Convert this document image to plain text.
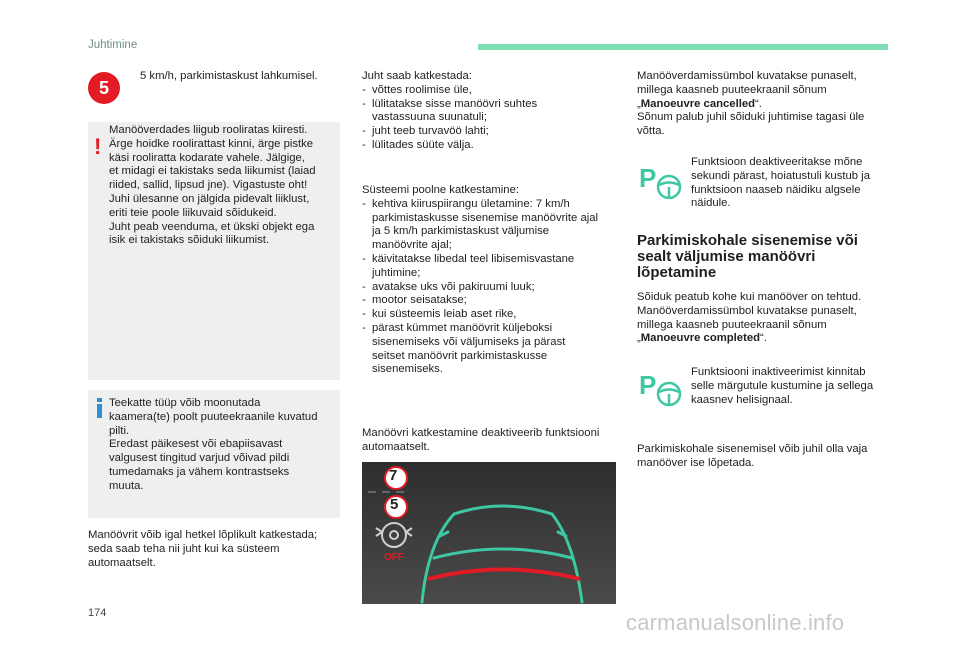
Juhtimine
5
5 km/h, parkimistaskust lahkumisel.
!
Manööverdades liigub rooliratas kiiresti.
Ärge hoidke roolirattast kinni, ärge pistke
käsi rooliratta kodarate vahele. Jälgige,
et midagi ei takistaks seda liikumist (laiad
riided, sallid, lipsud jne). Vigastuste oht!
Juhi ülesanne on jälgida pidevalt liiklust,
eriti teie poole liikuvaid sõidukeid.
Juht peab veenduma, et ükski objekt ega
isik ei takistaks sõiduki liikumist.
Teekatte tüüp võib moonutada
kaamera(te) poolt puuteekraanile kuvatud
pilti.
Eredast päikesest või ebapiisavast
valgusest tingitud varjud võivad pildi
tumedamaks ja vähem kontrastseks
muuta.
Manöövrit võib igal hetkel lõplikult katkestada;
seda saab teha nii juht kui ka süsteem
automaatselt.
Juht saab katkestada:
- võttes roolimise üle,
- lülitatakse sisse manöövri suhtes vastassuuna suunatuli;
- juht teeb turvavöö lahti;
- lülitades süüte välja.
Süsteemi poolne katkestamine:
- kehtiva kiiruspiirangu ületamine: 7 km/h parkimistaskusse sisenemise manöövrite ajal ja 5 km/h parkimistaskust väljumise manöövrite ajal;
- käivitatakse libedal teel libisemisvastane juhtimine;
- avatakse uks või pakiruumi luuk;
- mootor seisatakse;
- kui süsteemis leiab aset rike,
- pärast kümmet manöövrit küljeboksi sisenemiseks või väljumiseks ja pärast seitset manöövrit parkimistaskusse sisenemiseks.
Manöövri katkestamine deaktiveerib funktsiooni
automaatselt.
7
5
OFF
Manööverdamissümbol kuvatakse punaselt,
millega kaasneb puuteekraanil sõnum
„Manoeuvre cancelled“.
Sõnum palub juhil sõiduki juhtimise tagasi üle
võtta.
P
Funktsioon deaktiveeritakse mõne
sekundi pärast, hoiatustuli kustub ja
funktsioon naaseb näidiku algsele
näidule.
Parkimiskohale sisenemise või sealt väljumise manöövri lõpetamine
Sõiduk peatub kohe kui manööver on tehtud.
Manööverdamissümbol kuvatakse punaselt,
millega kaasneb puuteekraanil sõnum
„Manoeuvre completed“.
P	Funktsiooni inaktiveerimist kinnitab
selle märgutule kustumine ja sellega
kaasnev helisignaal.
Parkimiskohale sisenemisel võib juhil olla vaja
manööver ise lõpetada.
174	carmanualsonline.info
